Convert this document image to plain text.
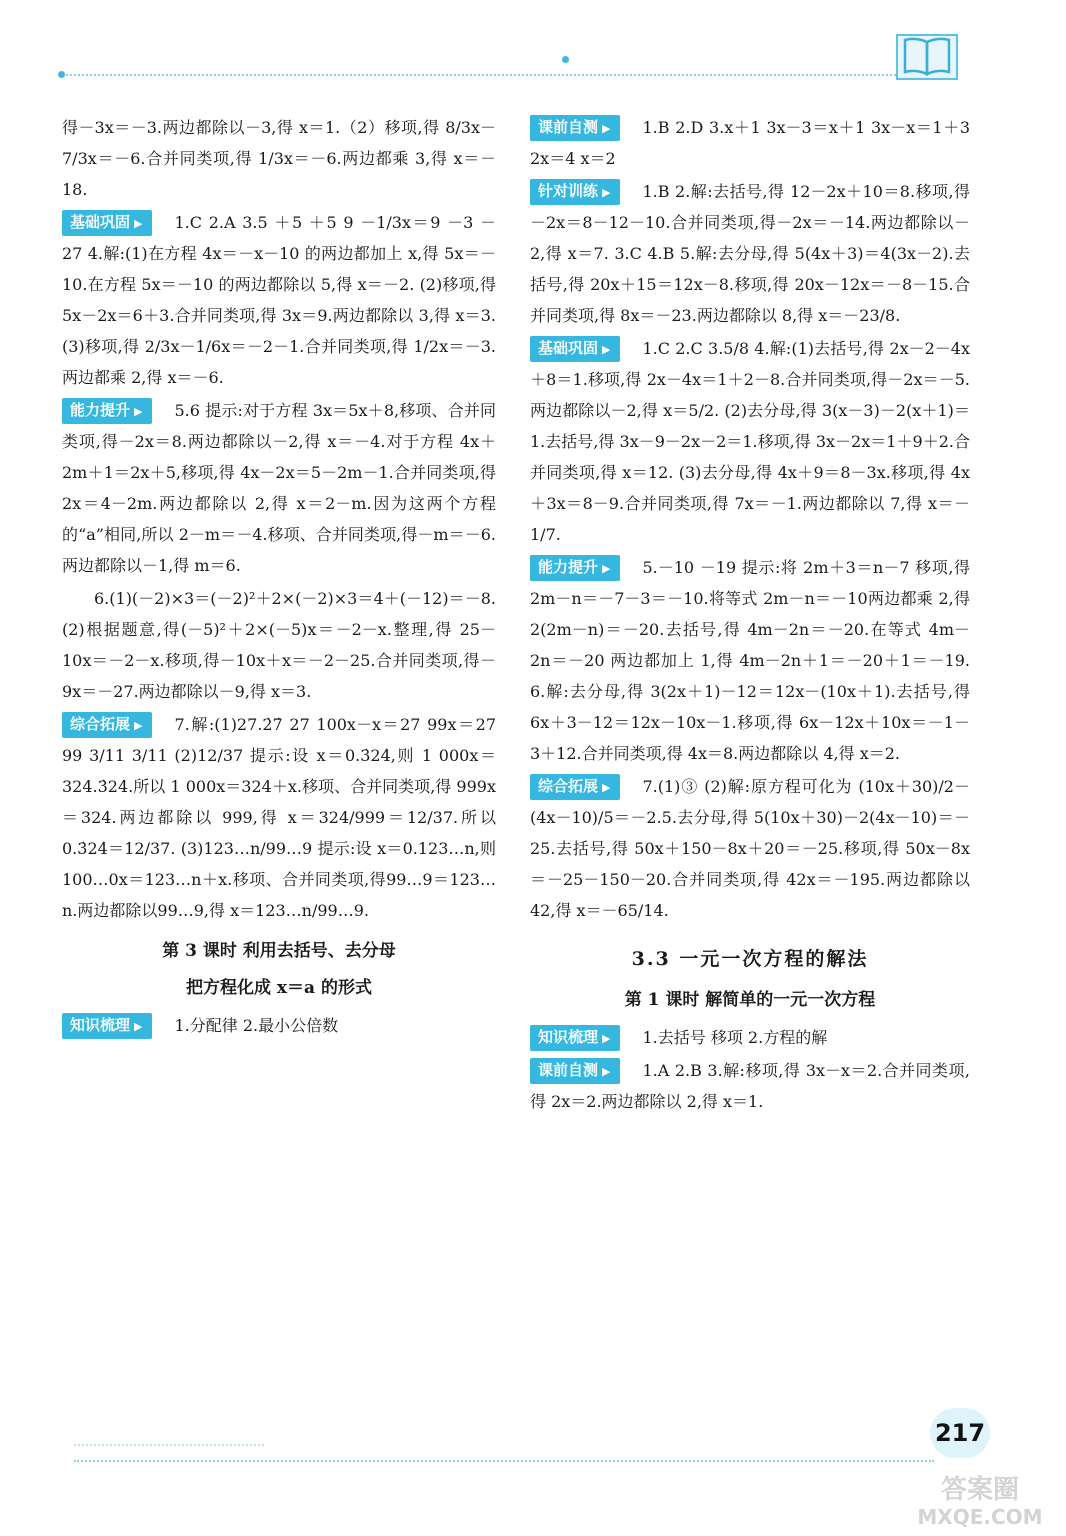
得－3x＝－3.两边都除以－3,得 x＝1.（2）移项,得 8/3x－7/3x＝－6.合并同类项,得 1/3x＝－6.两边都乘 3,得 x＝－18.

基础巩固 ▶	1.C 2.A 3.5 ＋5 ＋5 9 －1/3x＝9 －3 －27 4.解:(1)在方程 4x＝－x－10 的两边都加上 x,得 5x＝－10.在方程 5x＝－10 的两边都除以 5,得 x＝－2. (2)移项,得 5x－2x＝6＋3.合并同类项,得 3x＝9.两边都除以 3,得 x＝3. (3)移项,得 2/3x－1/6x＝－2－1.合并同类项,得 1/2x＝－3.两边都乘 2,得 x＝－6.

能力提升 ▶	5.6 提示:对于方程 3x＝5x＋8,移项、合并同类项,得－2x＝8.两边都除以－2,得 x＝－4.对于方程 4x＋2m＋1＝2x＋5,移项,得 4x－2x＝5－2m－1.合并同类项,得 2x＝4－2m.两边都除以 2,得 x＝2－m.因为这两个方程的“a”相同,所以 2－m＝－4.移项、合并同类项,得－m＝－6.两边都除以－1,得 m＝6.

6.(1)(－2)×3＝(－2)²＋2×(－2)×3＝4＋(－12)＝－8. (2)根据题意,得(－5)²＋2×(－5)x＝－2－x.整理,得 25－10x＝－2－x.移项,得－10x＋x＝－2－25.合并同类项,得－9x＝－27.两边都除以－9,得 x＝3.

综合拓展 ▶	7.解:(1)27.2̇7̇ 27 100x－x＝27 99x＝27 99 3/11 3/11 (2)12/37 提示:设 x＝0.3̇24̇,则 1 000x＝324.3̇24̇.所以 1 000x＝324＋x.移项、合并同类项,得 999x＝324.两边都除以 999,得 x＝324/999＝12/37.所以 0.3̇24̇＝12/37. (3)123…n/99…9 提示:设 x＝0.123…n,则 100…0x＝123…n＋x.移项、合并同类项,得99…9＝123…n.两边都除以99…9,得 x＝123…n/99…9.

第 3 课时 利用去括号、去分母
把方程化成 x＝a 的形式

知识梳理 ▶	1.分配律 2.最小公倍数

课前自测 ▶	1.B 2.D 3.x＋1 3x－3＝x＋1 3x－x＝1＋3 2x＝4 x＝2

针对训练 ▶	1.B 2.解:去括号,得 12－2x＋10＝8.移项,得－2x＝8－12－10.合并同类项,得－2x＝－14.两边都除以－2,得 x＝7. 3.C 4.B 5.解:去分母,得 5(4x＋3)＝4(3x－2).去括号,得 20x＋15＝12x－8.移项,得 20x－12x＝－8－15.合并同类项,得 8x＝－23.两边都除以 8,得 x＝－23/8.

基础巩固 ▶	1.C 2.C 3.5/8 4.解:(1)去括号,得 2x－2－4x＋8＝1.移项,得 2x－4x＝1＋2－8.合并同类项,得－2x＝－5.两边都除以－2,得 x＝5/2. (2)去分母,得 3(x－3)－2(x＋1)＝1.去括号,得 3x－9－2x－2＝1.移项,得 3x－2x＝1＋9＋2.合并同类项,得 x＝12. (3)去分母,得 4x＋9＝8－3x.移项,得 4x＋3x＝8－9.合并同类项,得 7x＝－1.两边都除以 7,得 x＝－1/7.

能力提升 ▶	5.－10 －19 提示:将 2m＋3＝n－7 移项,得 2m－n＝－7－3＝－10.将等式 2m－n＝－10两边都乘 2,得 2(2m－n)＝－20.去括号,得 4m－2n＝－20.在等式 4m－2n＝－20 两边都加上 1,得 4m－2n＋1＝－20＋1＝－19. 6.解:去分母,得 3(2x＋1)－12＝12x－(10x＋1).去括号,得 6x＋3－12＝12x－10x－1.移项,得 6x－12x＋10x＝－1－3＋12.合并同类项,得 4x＝8.两边都除以 4,得 x＝2.

综合拓展 ▶	7.(1)③ (2)解:原方程可化为 (10x＋30)/2－(4x－10)/5＝－2.5.去分母,得 5(10x＋30)－2(4x－10)＝－25.去括号,得 50x＋150－8x＋20＝－25.移项,得 50x－8x＝－25－150－20.合并同类项,得 42x＝－195.两边都除以 42,得 x＝－65/14.

3.3 一元一次方程的解法
第 1 课时 解简单的一元一次方程

知识梳理 ▶	1.去括号 移项 2.方程的解

课前自测 ▶	1.A 2.B 3.解:移项,得 3x－x＝2.合并同类项,得 2x＝2.两边都除以 2,得 x＝1.

217
答案圈
MXQE.COM
